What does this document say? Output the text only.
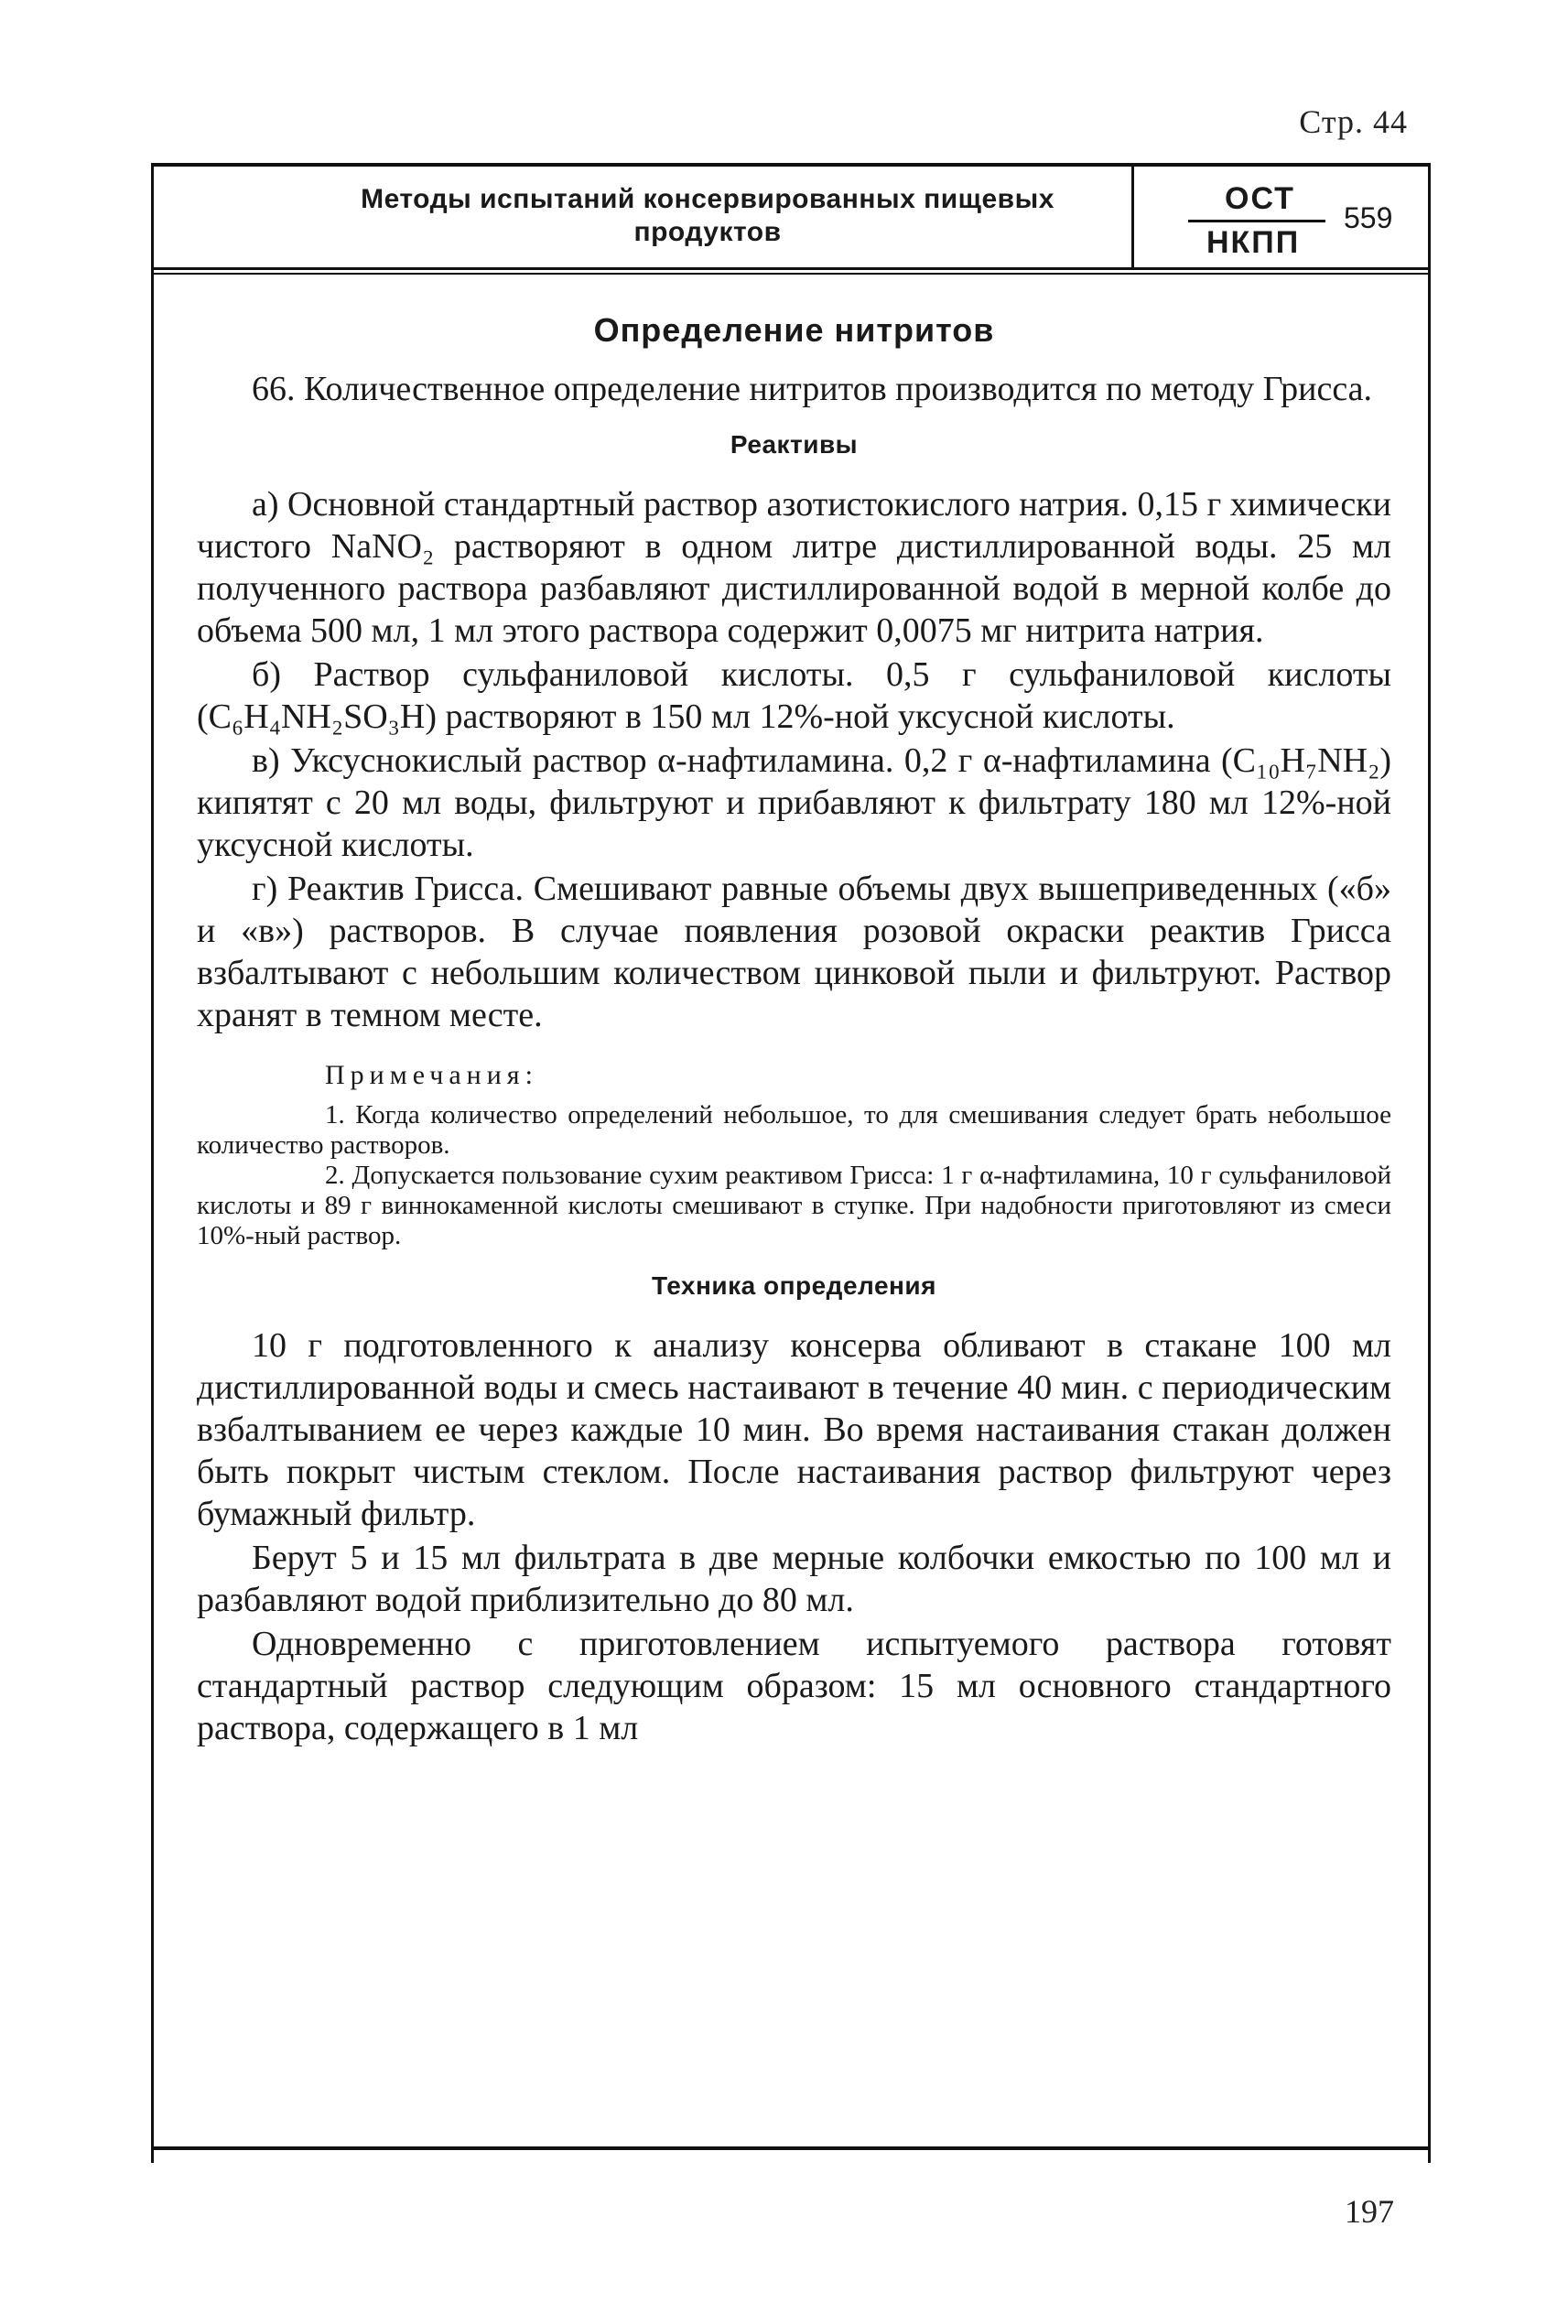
Стр. 44
Методы испытаний консервированных пищевых
продуктов
ОСТ
НКПП
559
Определение нитритов

66. Количественное определение нитритов производится по методу Грисса.

Реактивы

а) Основной стандартный раствор азотистокислого натрия. 0,15 г химически чистого NaNO₂ растворяют в одном литре дистиллированной воды. 25 мл полученного раствора разбавляют дистиллированной водой в мерной колбе до объема 500 мл, 1 мл этого раствора содержит 0,0075 мг нитрита натрия.

б) Раствор сульфаниловой кислоты. 0,5 г сульфаниловой кислоты (C₆H₄NH₂SO₃H) растворяют в 150 мл 12%-ной уксусной кислоты.

в) Уксуснокислый раствор α-нафтиламина. 0,2 г α-нафтиламина (C₁₀H₇NH₂) кипятят с 20 мл воды, фильтруют и прибавляют к фильтрату 180 мл 12%-ной уксусной кислоты.

г) Реактив Грисса. Смешивают равные объемы двух вышеприведенных («б» и «в») растворов. В случае появления розовой окраски реактив Грисса взбалтывают с небольшим количеством цинковой пыли и фильтруют. Раствор хранят в темном месте.

Примечания:

1. Когда количество определений небольшое, то для смешивания следует брать небольшое количество растворов.

2. Допускается пользование сухим реактивом Грисса: 1 г α-нафтиламина, 10 г сульфаниловой кислоты и 89 г виннокаменной кислоты смешивают в ступке. При надобности приготовляют из смеси 10%-ный раствор.

Техника определения

10 г подготовленного к анализу консерва обливают в стакане 100 мл дистиллированной воды и смесь настаивают в течение 40 мин. с периодическим взбалтыванием ее через каждые 10 мин. Во время настаивания стакан должен быть покрыт чистым стеклом. После настаивания раствор фильтруют через бумажный фильтр.

Берут 5 и 15 мл фильтрата в две мерные колбочки емкостью по 100 мл и разбавляют водой приблизительно до 80 мл.

Одновременно с приготовлением испытуемого раствора готовят стандартный раствор следующим образом: 15 мл основного стандартного раствора, содержащего в 1 мл

197
